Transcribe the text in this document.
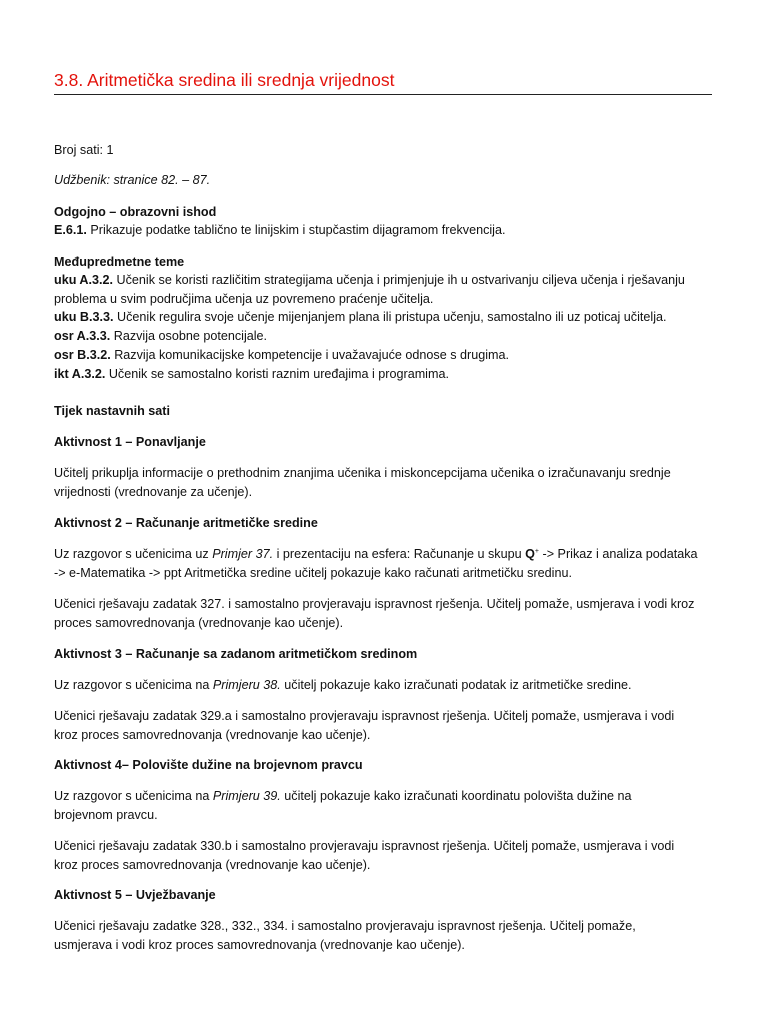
3.8. Aritmetička sredina ili srednja vrijednost
Broj sati: 1
Udžbenik: stranice 82. – 87.
Odgojno – obrazovni ishod
E.6.1. Prikazuje podatke tablično te linijskim i stupčastim dijagramom frekvencija.
Međupredmetne teme
uku A.3.2. Učenik se koristi različitim strategijama učenja i primjenjuje ih u ostvarivanju ciljeva učenja i rješavanju
problema u svim područjima učenja uz povremeno praćenje učitelja.
uku B.3.3. Učenik regulira svoje učenje mijenjanjem plana ili pristupa učenju, samostalno ili uz poticaj učitelja.
osr A.3.3. Razvija osobne potencijale.
osr B.3.2. Razvija komunikacijske kompetencije i uvažavajuće odnose s drugima.
ikt A.3.2. Učenik se samostalno koristi raznim uređajima i programima.
Tijek nastavnih sati
Aktivnost 1 – Ponavljanje
Učitelj prikuplja informacije o prethodnim znanjima učenika i miskoncepcijama učenika o izračunavanju srednje
vrijednosti (vrednovanje za učenje).
Aktivnost 2 – Računanje aritmetičke sredine
Uz razgovor s učenicima uz Primjer 37. i prezentaciju na esfera: Računanje u skupu Q+ -> Prikaz i analiza podataka
-> e-Matematika -> ppt Aritmetička sredine učitelj pokazuje kako računati aritmetičku sredinu.
Učenici rješavaju zadatak 327. i samostalno provjeravaju ispravnost rješenja. Učitelj pomaže, usmjerava i vodi kroz
proces samovrednovanja (vrednovanje kao učenje).
Aktivnost 3 – Računanje sa zadanom aritmetičkom sredinom
Uz razgovor s učenicima na Primjeru 38. učitelj pokazuje kako izračunati podatak iz aritmetičke sredine.
Učenici rješavaju zadatak 329.a i samostalno provjeravaju ispravnost rješenja. Učitelj pomaže, usmjerava i vodi
kroz proces samovrednovanja (vrednovanje kao učenje).
Aktivnost 4– Polovište dužine na brojevnom pravcu
Uz razgovor s učenicima na Primjeru 39. učitelj pokazuje kako izračunati koordinatu polovišta dužine na
brojevnom pravcu.
Učenici rješavaju zadatak 330.b i samostalno provjeravaju ispravnost rješenja. Učitelj pomaže, usmjerava i vodi
kroz proces samovrednovanja (vrednovanje kao učenje).
Aktivnost 5 – Uvježbavanje
Učenici rješavaju zadatke 328., 332., 334. i samostalno provjeravaju ispravnost rješenja. Učitelj pomaže,
usmjerava i vodi kroz proces samovrednovanja (vrednovanje kao učenje).
